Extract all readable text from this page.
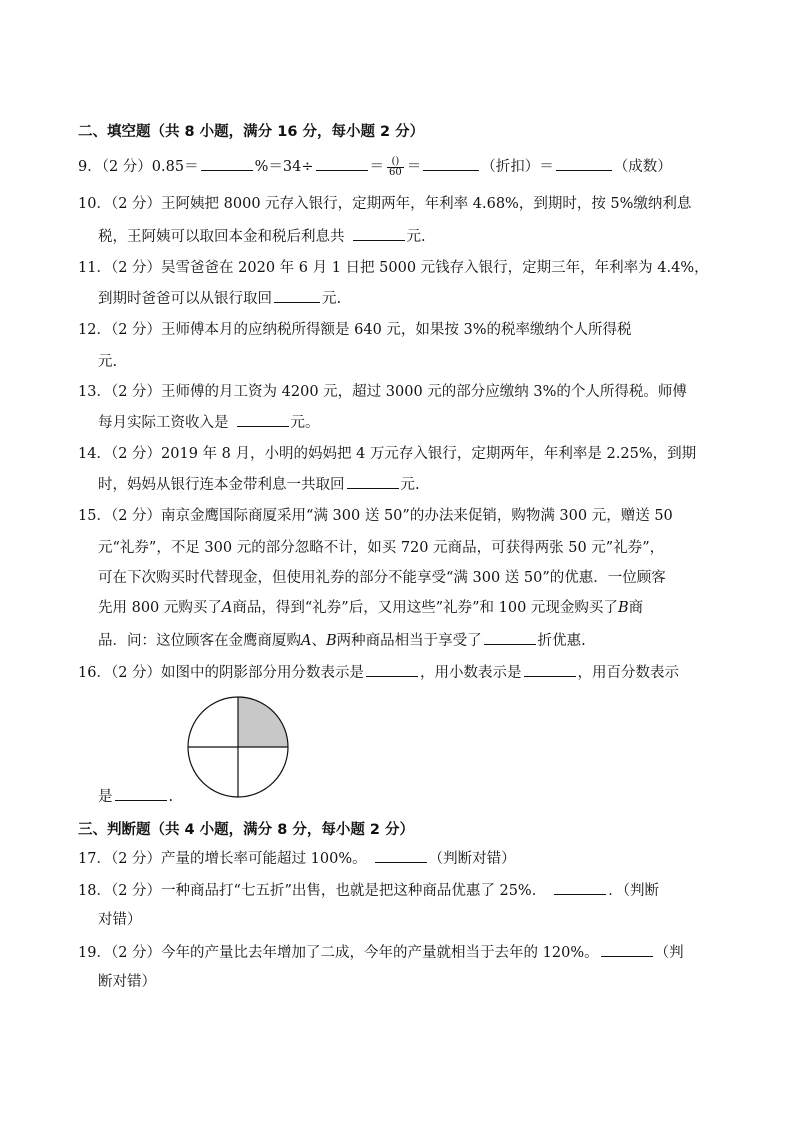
二、填空题（共 8 小题，满分 16 分，每小题 2 分）
9．（2 分）0.85＝	%＝34÷	＝ $\frac{()}{60}$ ＝	（折扣）＝	（成数）
10．（2 分）王阿姨把 8000 元存入银行，定期两年，年利率 4.68%，到期时，按 5%缴纳利息
税，王阿姨可以取回本金和税后利息共	元.
11．（2 分）吴雪爸爸在 2020 年 6 月 1 日把 5000 元钱存入银行，定期三年，年利率为 4.4%，
到期时爸爸可以从银行取回	元.
12．（2 分）王师傅本月的应纳税所得额是 640 元，如果按 3%的税率缴纳个人所得税
元.
13．（2 分）王师傅的月工资为 4200 元，超过 3000 元的部分应缴纳 3%的个人所得税。师傅
每月实际工资收入是	元。
14．（2 分）2019 年 8 月，小明的妈妈把 4 万元存入银行，定期两年，年利率是 2.25%，到期
时，妈妈从银行连本金带利息一共取回	元.
15．（2 分）南京金鹰国际商厦采用“满 300 送 50”的办法来促销，购物满 300 元，赠送 50
元“礼券”，不足 300 元的部分忽略不计，如买 720 元商品，可获得两张 50 元”礼券”，
可在下次购买时代替现金，但使用礼券的部分不能享受“满 300 送 50”的优惠．一位顾客
先用 800 元购买了A商品，得到“礼券”后，又用这些”礼券”和 100 元现金购买了B商
品．问：这位顾客在金鹰商厦购A、B两种商品相当于享受了	折优惠.
16．（2 分）如图中的阴影部分用分数表示是	，用小数表示是	，用百分数表示
是	.
三、判断题（共 4 小题，满分 8 分，每小题 2 分）
17．（2 分）产量的增长率可能超过 100%。	（判断对错）
18．（2 分）一种商品打“七五折”出售，也就是把这种商品优惠了 25%．	．（判断
对错）
19．（2 分）今年的产量比去年增加了二成，今年的产量就相当于去年的 120%。	（判
断对错）
